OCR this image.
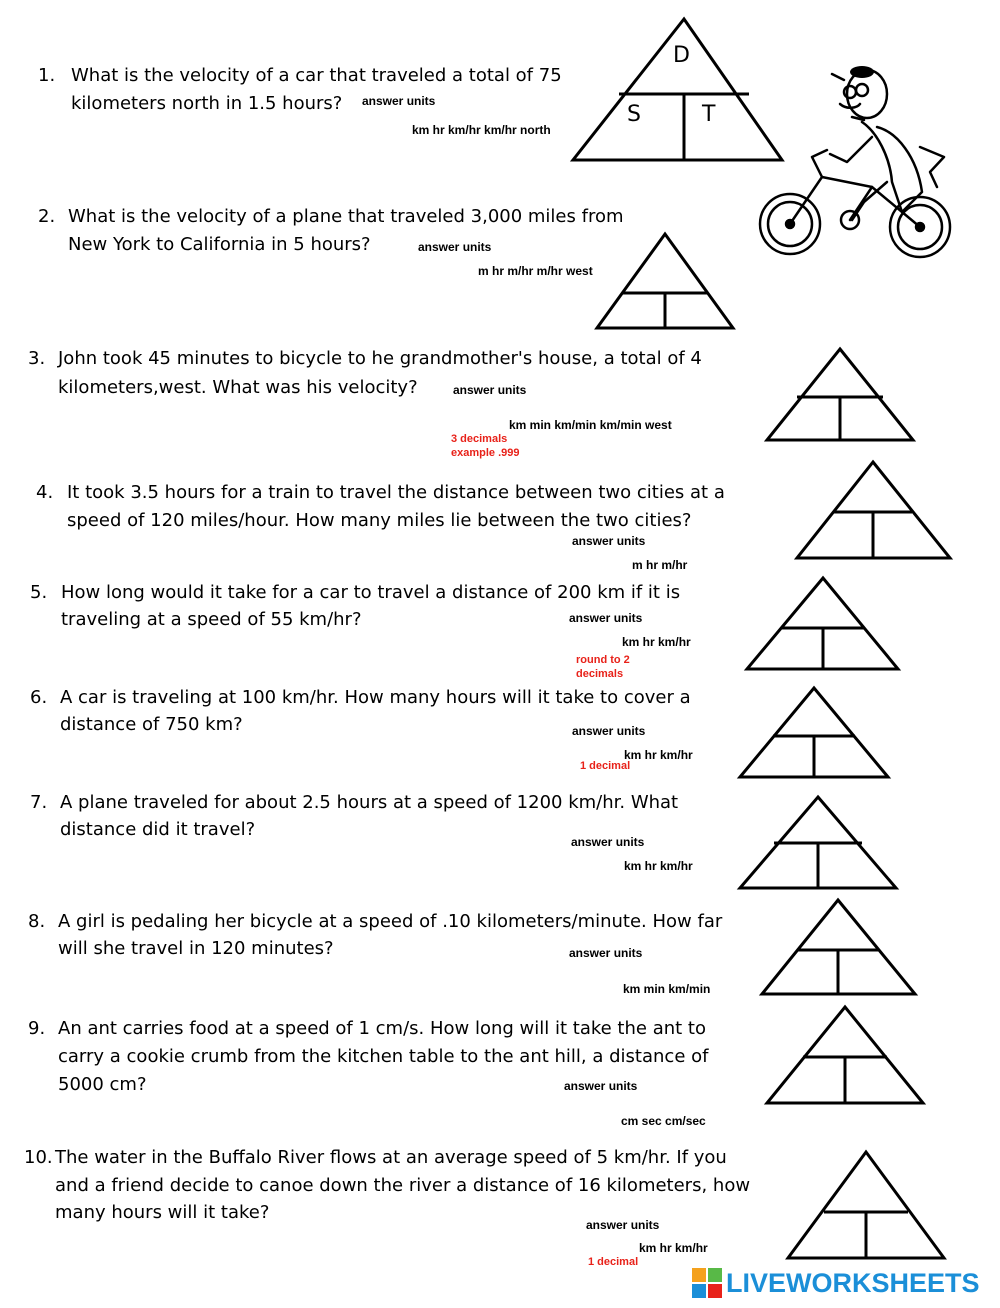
1. What is the velocity of a car that traveled a total of 75
kilometers north in 1.5 hours? answer units
km hr km/hr km/hr north
2. What is the velocity of a plane that traveled 3,000 miles from
New York to California in 5 hours?	answer units
m hr m/hr m/hr west
3. John took 45 minutes to bicycle to he grandmother's house, a total of 4
kilometers,west. What was his velocity?	answer units
km min km/min km/min west
3 decimals
example .999
4. It took 3.5 hours for a train to travel the distance between two cities at a
speed of 120 miles/hour. How many miles lie between the two cities?
answer units
m hr m/hr
5. How long would it take for a car to travel a distance of 200 km if it is
traveling at a speed of 55 km/hr?	answer units
km hr km/hr
round to 2
decimals
6. A car is traveling at 100 km/hr. How many hours will it take to cover a
distance of 750 km?	answer units
km hr km/hr
1 decimal
7. A plane traveled for about 2.5 hours at a speed of 1200 km/hr. What
distance did it travel?
answer units
km hr km/hr
8. A girl is pedaling her bicycle at a speed of .10 kilometers/minute. How far
will she travel in 120 minutes?	answer units
km min km/min
9. An ant carries food at a speed of 1 cm/s. How long will it take the ant to
carry a cookie crumb from the kitchen table to the ant hill, a distance of
5000 cm?	answer units
cm sec cm/sec
10. The water in the Buffalo River flows at an average speed of 5 km/hr. If you
and a friend decide to canoe down the river a distance of 16 kilometers, how
many hours will it take?
answer units
km hr km/hr
1 decimal
D
S	T
LIVEWORKSHEETS
